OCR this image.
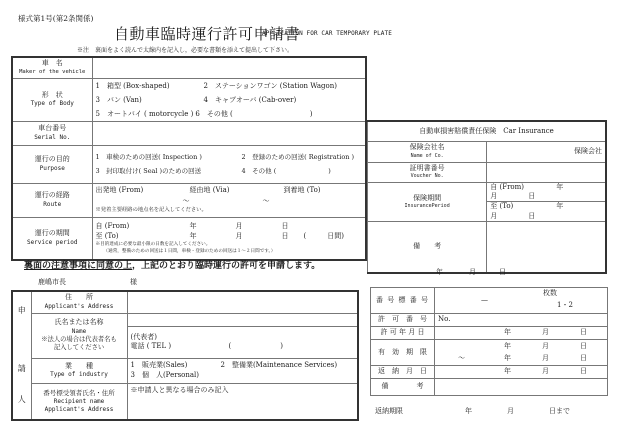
様式第1号(第2条関係)
自動車臨時運行許可申請書
APPLICATION FOR CAR TEMPORARY PLATE
※注　裏面をよく読んで太線内を記入し，必要な書類を添えて提出して下さい。
車　名
Maker of the vehicle	

形　状
Type of Body

1　箱型 (Box-shaped)	2　ステーションワゴン (Station Wagon)
3　バン (Van)	4　キャブオーバ (Cab-over)
5　オートバイ ( motorcycle ) 6　その他 (　　　　　　　　　　　)

車台番号
Serial No.	

運行の目的
Purpose

1　車検のための回送( Inspection )	2　登録のための回送( Registration )
3　封印取付け( Seal )のための回送	4　その他 (　　　　　　　　)

運行の経路
Route

出発地 (From)	経由地 (Via)	到着地 (To)
～	～
※発着主要経路の地点名を記入してください。

運行の期間
Service period

自 (From)	年	月	日
至 (To)	年	月	日	(　　　日間)
※目的達成に必要な最小限の日数を記入してください。
（通常，整備のための回送は１日間，車検・登録のための回送は１～２日間です。）
自動車損害賠償責任保険　Car Insurance	

保険会社名
Name of Co.	保険会社

証明書番号
Voucher No.	

保険期間
InsurancePeriod	自 (From) 年月 日
	至 (To) 年月 日
備　　考	
裏面の注意事項に同意の上，上記のとおり臨時運行の許可を申請します。
年	月	日
鹿嶋市長	様
申
請
人

住　　所
Applicant's Address

	氏名または名称
Name
※法人の場合は代表者名も
記入してください	

		(代表者)
電話 ( TEL ) (　　　　　　　)

業　　種
Type of industry

1　販売業(Sales)	2　整備業(Maintenance Services)
3　個　人(Personal)

	番号標受領者氏名・住所
Recipient name
Applicant's Address	※申請人と異なる場合のみ記入
番 号 標 番 号	—
枚数
1・2

許　可　番　号	No.
許 可 年 月 日	年 月 日
有　効　期　限	年 月 日
	～ 年 月 日
返　納　月　日	年 月 日
備　　　　考	
返納期限	年	月	日まで
